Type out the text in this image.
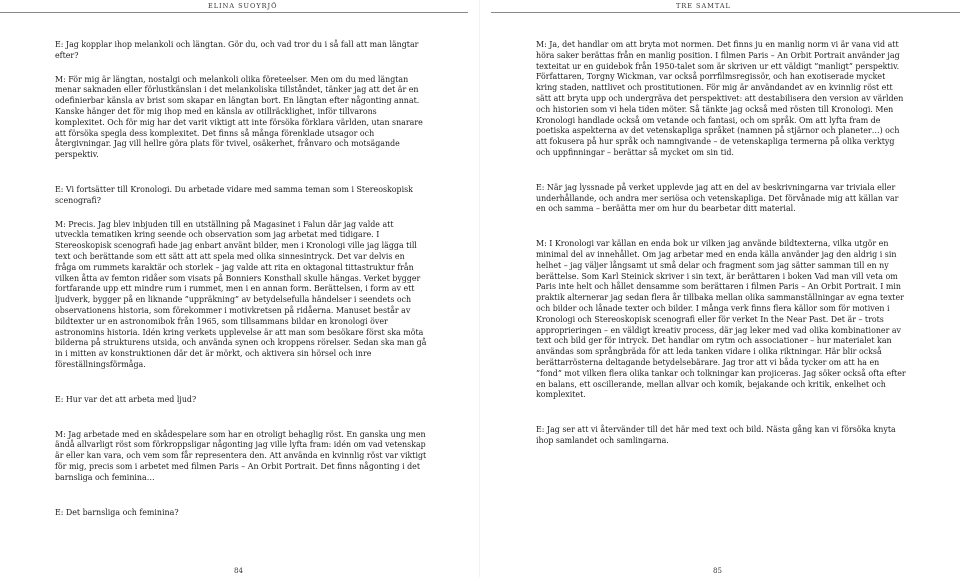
ELINA SUOYRJÖ	TRE SAMTAL

E: Jag kopplar ihop melankoli och längtan. Gör du, och vad tror du i så fall att man längtar efter?

M: För mig är längtan, nostalgi och melankoli olika företeelser. Men om du med längtan menar saknaden eller förlustkänslan i det melankoliska tillståndet, tänker jag att det är en odefinierbar känsla av brist som skapar en längtan bort. En längtan efter någonting annat. Kanske hänger det för mig ihop med en känsla av otillräcklighet, inför tillvarons komplexitet. Och för mig har det varit viktigt att inte försöka förklara världen, utan snarare att försöka spegla dess komplexitet. Det finns så många förenklade utsagor och återgivningar. Jag vill hellre göra plats för tvivel, osäkerhet, frånvaro och motsägande perspektiv.

E: Vi fortsätter till Kronologi. Du arbetade vidare med samma teman som i Stereoskopisk scenografi?

M: Precis. Jag blev inbjuden till en utställning på Magasinet i Falun där jag valde att utveckla tematiken kring seende och observation som jag arbetat med tidigare. I Stereoskopisk scenografi hade jag enbart använt bilder, men i Kronologi ville jag lägga till text och berättande som ett sätt att att spela med olika sinnesintryck. Det var delvis en fråga om rummets karaktär och storlek – jag valde att rita en oktagonal tittastruktur från vilken åtta av femton ridåer som visats på Bonniers Konsthall skulle hängas. Verket bygger fortfarande upp ett mindre rum i rummet, men i en annan form. Berättelsen, i form av ett ljudverk, bygger på en liknande ”uppräkning” av betydelsefulla händelser i seendets och observationens historia, som förekommer i motivkretsen på ridåerna. Manuset består av bildtexter ur en astronomibok från 1965, som tillsammans bildar en kronologi över astronomins historia. Idén kring verkets upplevelse är att man som besökare först ska möta bilderna på strukturens utsida, och använda synen och kroppens rörelser. Sedan ska man gå in i mitten av konstruktionen där det är mörkt, och aktivera sin hörsel och inre föreställningsförmåga.

E: Hur var det att arbeta med ljud?

M: Jag arbetade med en skådespelare som har en otroligt behaglig röst. En ganska ung men ändå allvarligt röst som förkroppsligar någonting jag ville lyfta fram: idén om vad vetenskap är eller kan vara, och vem som får representera den. Att använda en kvinnlig röst var viktigt för mig, precis som i arbetet med filmen Paris – An Orbit Portrait. Det finns någonting i det barnsliga och feminina…

E: Det barnsliga och feminina?

M: Ja, det handlar om att bryta mot normen. Det finns ju en manlig norm vi är vana vid att höra saker berättas från en manlig position. I filmen Paris – An Orbit Portrait använder jag texteitat ur en guidebok från 1950-talet som är skriven ur ett väldigt ”manligt” perspektiv. Författaren, Torgny Wickman, var också porrfilmsregissör, och han exotiserade mycket kring staden, nattlivet och prostitutionen. För mig är användandet av en kvinnlig röst ett sätt att bryta upp och undergräva det perspektivet: att destabilisera den version av världen och historien som vi hela tiden möter. Så tänkte jag också med rösten till Kronologi. Men Kronologi handlade också om vetande och fantasi, och om språk. Om att lyfta fram de poetiska aspekterna av det vetenskapliga språket (namnen på stjärnor och planeter…) och att fokusera på hur språk och namngivande – de vetenskapliga termerna på olika verktyg och uppfinningar – berättar så mycket om sin tid.

E: När jag lyssnade på verket upplevde jag att en del av beskrivningarna var triviala eller underhållande, och andra mer seriösa och vetenskapliga. Det förvånade mig att källan var en och samma – beräätta mer om hur du bearbetar ditt material.

M: I Kronologi var källan en enda bok ur vilken jag använde bildtexterna, vilka utgör en minimal del av innehållet. Om jag arbetar med en enda källa använder jag den aldrig i sin helhet – jag väljer långsamt ut små delar och fragment som jag sätter samman till en ny berättelse. Som Karl Steinick skriver i sin text, är berättaren i boken Vad man vill veta om Paris inte helt och hållet densamme som berättaren i filmen Paris – An Orbit Portrait. I min praktik alternerar jag sedan flera år tillbaka mellan olika sammanställningar av egna texter och bilder och lånade texter och bilder. I många verk finns flera källor som för motiven i Kronologi och Stereoskopisk scenografi eller för verket In the Near Past. Det är – trots approprieringen – en väldigt kreativ process, där jag leker med vad olika kombinationer av text och bild ger för intryck. Det handlar om rytm och associationer – hur materialet kan användas som språngbräda för att leda tanken vidare i olika riktningar. Här blir också berättarrösterna deltagande betydelsebärare. Jag tror att vi båda tycker om att ha en ”fond” mot vilken flera olika tankar och tolkningar kan projiceras. Jag söker också ofta efter en balans, ett oscillerande, mellan allvar och komik, bejakande och kritik, enkelhet och komplexitet.

E: Jag ser att vi återvänder till det här med text och bild. Nästa gång kan vi försöka knyta ihop samlandet och samlingarna.

84	85
